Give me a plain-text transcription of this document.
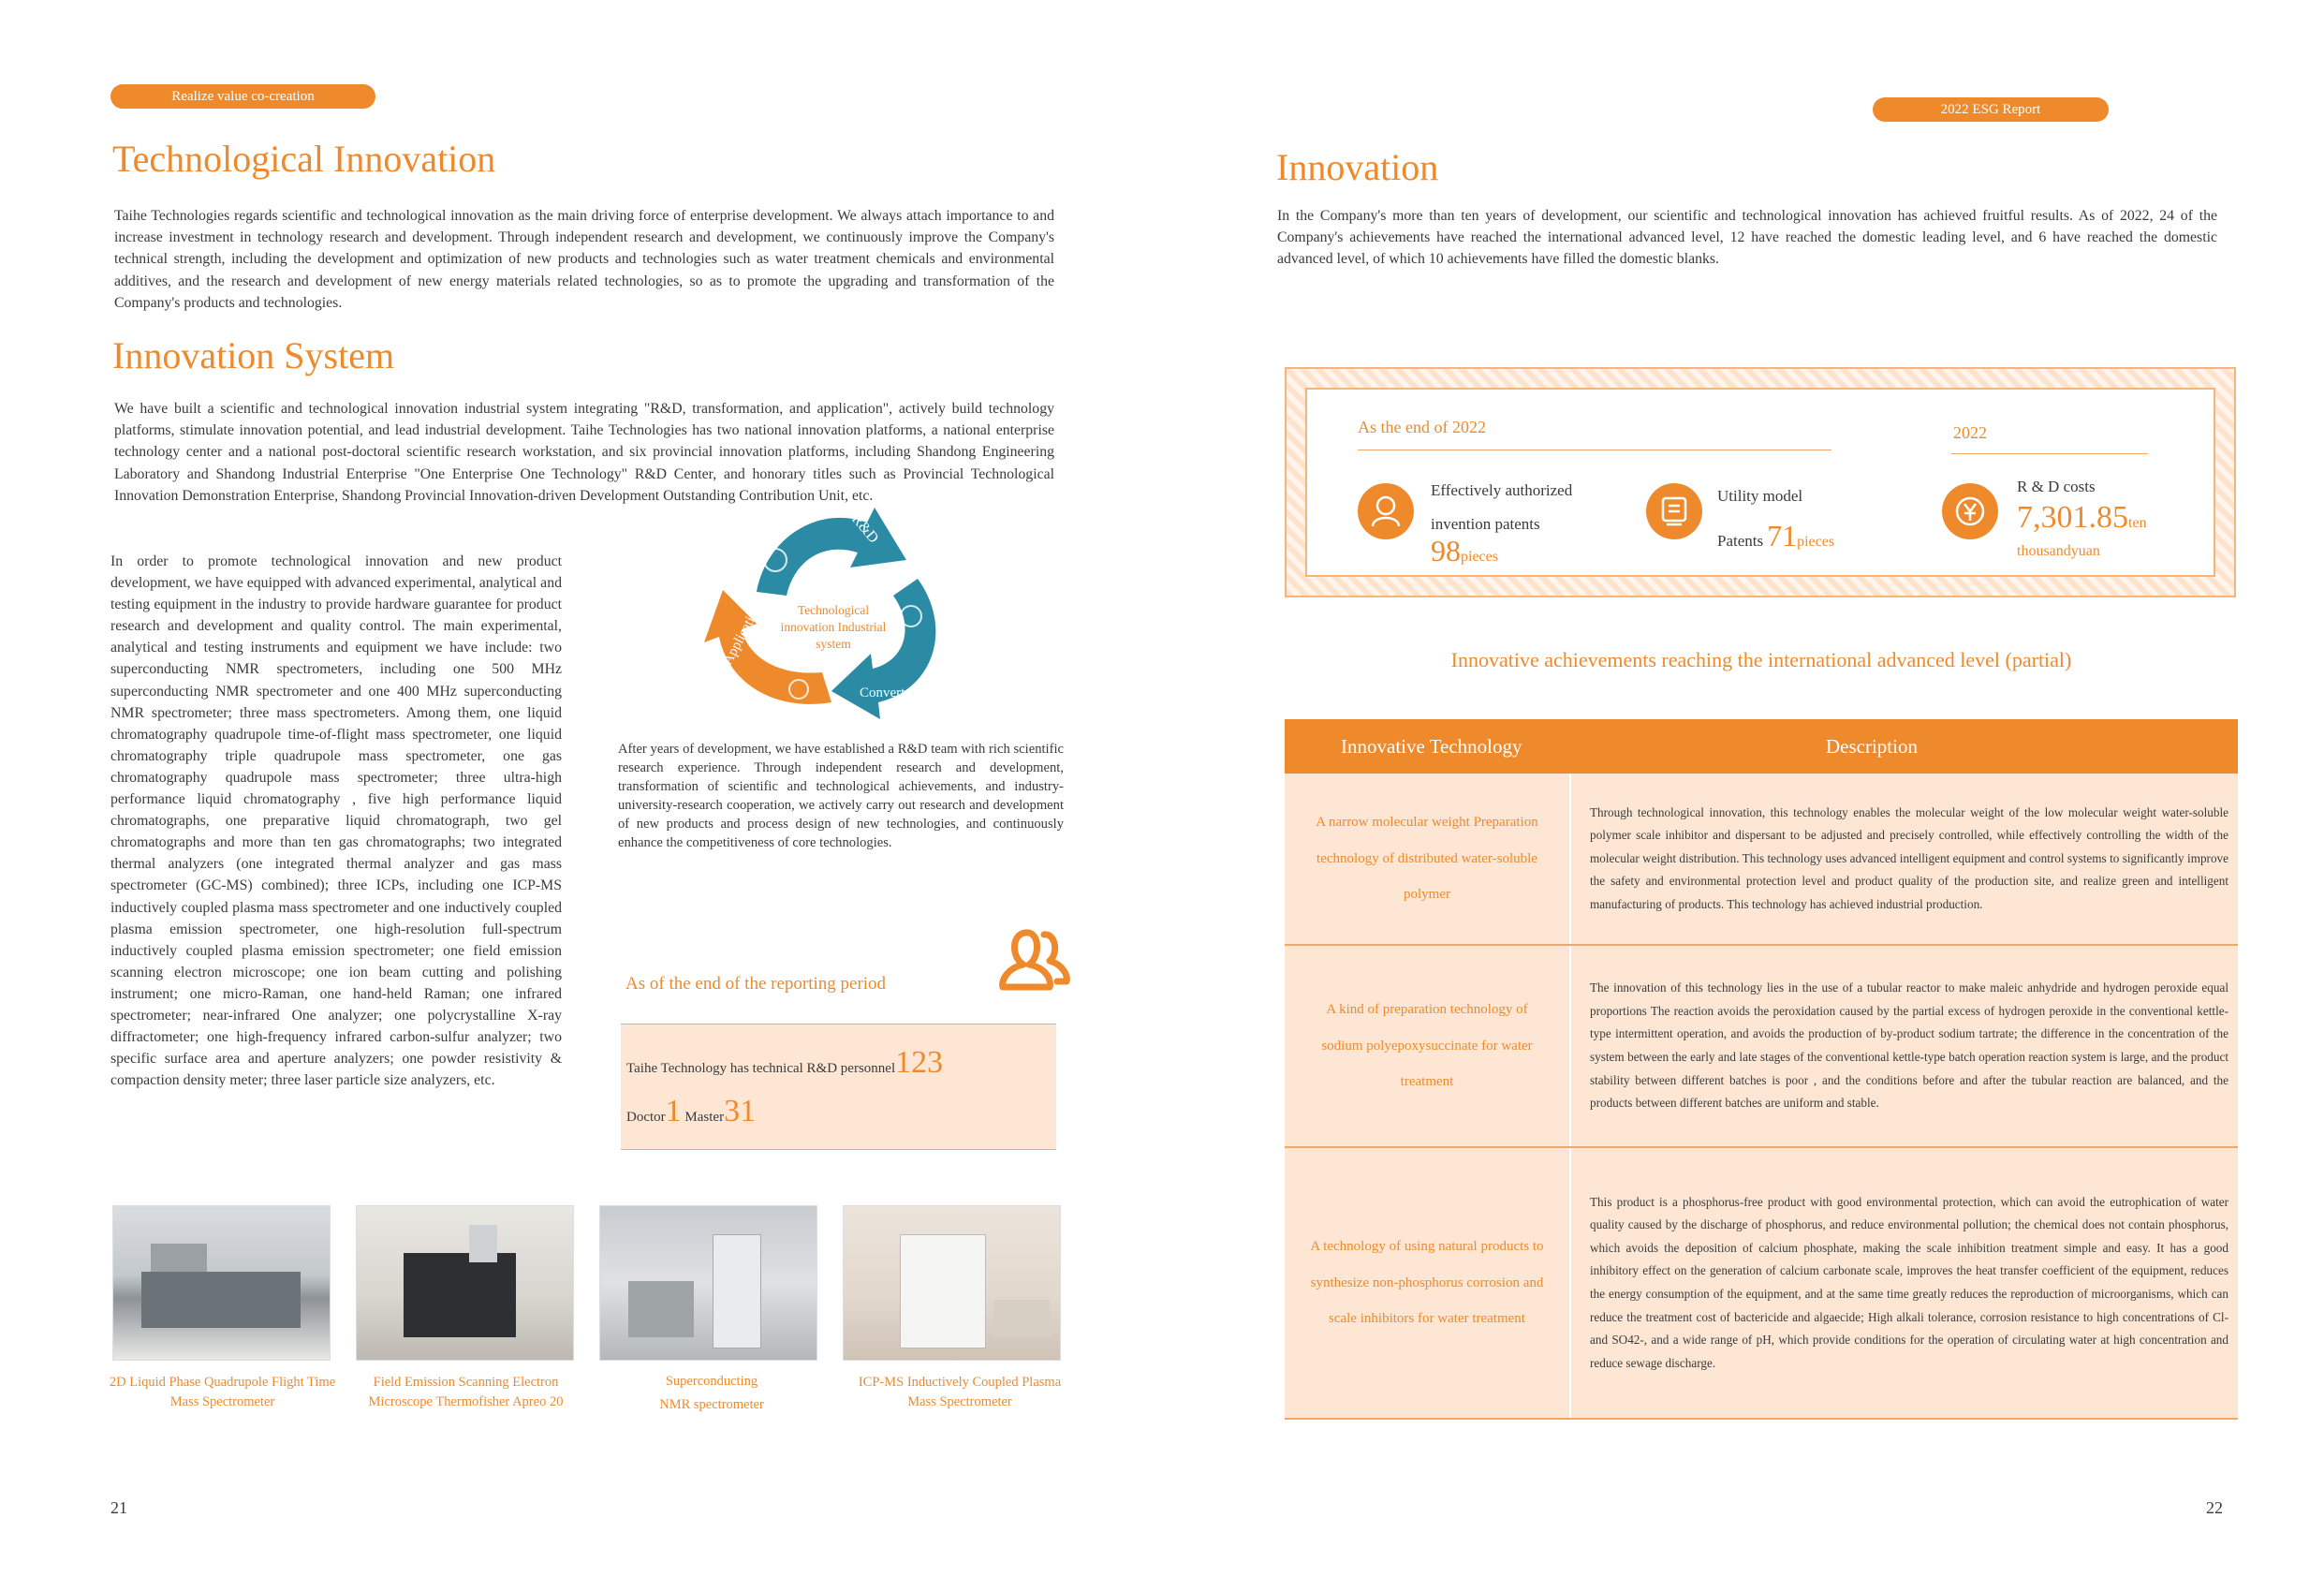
Realize value co-creation
Technological Innovation

Taihe Technologies regards scientific and technological innovation as the main driving force of enterprise development. We always attach importance to and increase investment in technology research and development. Through independent research and development, we continuously improve the Company's technical strength, including the development and optimization of new products and technologies such as water treatment chemicals and environmental additives, and the research and development of new energy materials related technologies, so as to promote the upgrading and transformation of the Company's products and technologies.

Innovation System

We have built a scientific and technological innovation industrial system integrating "R&D, transformation, and application", actively build technology platforms, stimulate innovation potential, and lead industrial development. Taihe Technologies has two national innovation platforms, a national enterprise technology center and a national post-doctoral scientific research workstation, and six provincial innovation platforms, including Shandong Engineering Laboratory and Shandong Industrial Enterprise "One Enterprise One Technology" R&D Center, and honorary titles such as Provincial Technological Innovation Demonstration Enterprise, Shandong Provincial Innovation-driven Development Outstanding Contribution Unit, etc.

In order to promote technological innovation and new product development, we have equipped with advanced experimental, analytical and testing equipment in the industry to provide hardware guarantee for product research and development and quality control. The main experimental, analytical and testing instruments and equipment we have include: two superconducting NMR spectrometers, including one 500 MHz superconducting NMR spectrometer and one 400 MHz superconducting NMR spectrometer; three mass spectrometers. Among them, one liquid chromatography quadrupole time-of-flight mass spectrometer, one liquid chromatography triple quadrupole mass spectrometer, one gas chromatography quadrupole mass spectrometer; three ultra-high performance liquid chromatography , five high performance liquid chromatographs, one preparative liquid chromatograph, two gel chromatographs and more than ten gas chromatographs; two integrated thermal analyzers (one integrated thermal analyzer and gas mass spectrometer (GC-MS) combined); three ICPs, including one ICP-MS inductively coupled plasma mass spectrometer and one inductively coupled plasma emission spectrometer, one high-resolution full-spectrum inductively coupled plasma emission spectrometer; one field emission scanning electron microscope; one ion beam cutting and polishing instrument; one micro-Raman, one hand-held Raman; one infrared spectrometer; near-infrared One analyzer; one polycrystalline X-ray diffractometer; one high-frequency infrared carbon-sulfur analyzer; two specific surface area and aperture analyzers; one powder resistivity & compaction density meter; three laser particle size analyzers, etc.

R&D
Convert
Applicati
Technological innovation Industrial system

After years of development, we have established a R&D team with rich scientific research experience. Through independent research and development, transformation of scientific and technological achievements, and industry-university-research cooperation, we actively carry out research and development of new products and process design of new technologies, and continuously enhance the competitiveness of core technologies.

As of the end of the reporting period
Taihe Technology has technical R&D personnel123
Doctor1 Master31
2D Liquid Phase Quadrupole Flight Time Mass Spectrometer
Field Emission Scanning Electron Microscope Thermofisher Apreo 20
Superconducting NMR spectrometer
ICP-MS Inductively Coupled Plasma Mass Spectrometer
21
2022 ESG Report
Innovation

In the Company's more than ten years of development, our scientific and technological innovation has achieved fruitful results. As of 2022, 24 of the Company's achievements have reached the international advanced level, 12 have reached the domestic leading level, and 6 have reached the domestic advanced level, of which 10 achievements have filled the domestic blanks.

As the end of 2022	2022
Effectively authorized
invention patents
98pieces
Utility model
Patents 71pieces
R & D costs
7,301.85ten
thousandyuan
Innovative achievements reaching the international advanced level (partial)
Innovative Technology	Description
A narrow molecular weight Preparation technology of distributed water-soluble polymer
Through technological innovation, this technology enables the molecular weight of the low molecular weight water-soluble polymer scale inhibitor and dispersant to be adjusted and precisely controlled, while effectively controlling the width of the molecular weight distribution. This technology uses advanced intelligent equipment and control systems to significantly improve the safety and environmental protection level and product quality of the production site, and realize green and intelligent manufacturing of products. This technology has achieved industrial production.
A kind of preparation technology of sodium polyepoxysuccinate for water treatment
The innovation of this technology lies in the use of a tubular reactor to make maleic anhydride and hydrogen peroxide equal proportions The reaction avoids the peroxidation caused by the partial excess of hydrogen peroxide in the conventional kettle-type intermittent operation, and avoids the production of by-product sodium tartrate; the difference in the concentration of the system between the early and late stages of the conventional kettle-type batch operation reaction system is large, and the product stability between different batches is poor , and the conditions before and after the tubular reaction are balanced, and the products between different batches are uniform and stable.
A technology of using natural products to synthesize non-phosphorus corrosion and scale inhibitors for water treatment
This product is a phosphorus-free product with good environmental protection, which can avoid the eutrophication of water quality caused by the discharge of phosphorus, and reduce environmental pollution; the chemical does not contain phosphorus, which avoids the deposition of calcium phosphate, making the scale inhibition treatment simple and easy. It has a good inhibitory effect on the generation of calcium carbonate scale, improves the heat transfer coefficient of the equipment, reduces the energy consumption of the equipment, and at the same time greatly reduces the reproduction of microorganisms, which can reduce the treatment cost of bactericide and algaecide; High alkali tolerance, corrosion resistance to high concentrations of Cl- and SO42-, and a wide range of pH, which provide conditions for the operation of circulating water at high concentration and reduce sewage discharge.
22
